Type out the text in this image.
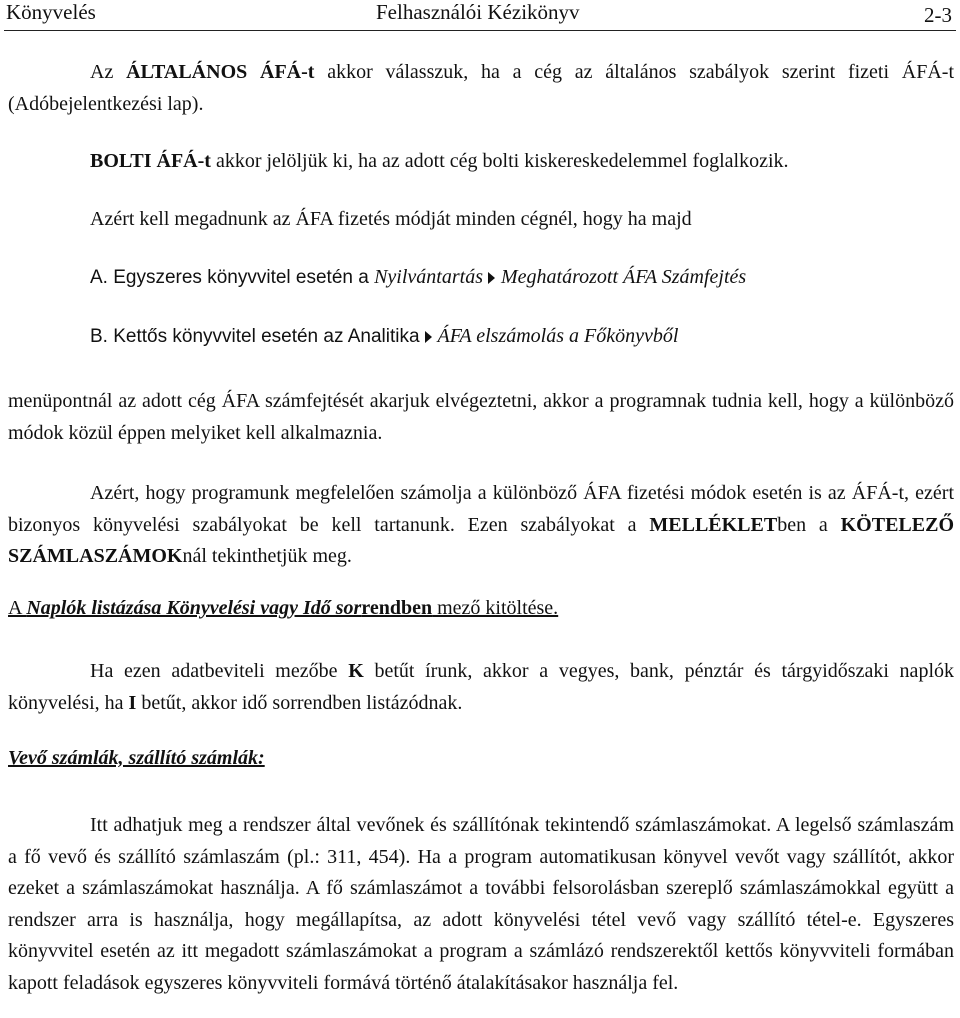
Könyvelés	Felhasználói Kézikönyv	2-3

Az ÁLTALÁNOS ÁFÁ-t akkor válasszuk, ha a cég az általános szabályok szerint fizeti ÁFÁ-t (Adóbejelentkezési lap).

BOLTI ÁFÁ-t akkor jelöljük ki, ha az adott cég bolti kiskereskedelemmel foglalkozik.

Azért kell megadnunk az ÁFA fizetés módját minden cégnél, hogy ha majd

A. Egyszeres könyvvitel esetén a Nyilvántartás Meghatározott ÁFA Számfejtés

B. Kettős könyvvitel esetén az Analitika ÁFA elszámolás a Főkönyvből

menüpontnál az adott cég ÁFA számfejtését akarjuk elvégeztetni, akkor a programnak tudnia kell, hogy a különböző módok közül éppen melyiket kell alkalmaznia.

Azért, hogy programunk megfelelően számolja a különböző ÁFA fizetési módok esetén is az ÁFÁ-t, ezért bizonyos könyvelési szabályokat be kell tartanunk. Ezen szabályokat a MELLÉKLETben a KÖTELEZŐ SZÁMLASZÁMOKnál tekinthetjük meg.

A Naplók listázása Könyvelési vagy Idő sorrendben mező kitöltése.

Ha ezen adatbeviteli mezőbe K betűt írunk, akkor a vegyes, bank, pénztár és tárgyidőszaki naplók könyvelési, ha I betűt, akkor idő sorrendben listázódnak.

Vevő számlák, szállító számlák:

Itt adhatjuk meg a rendszer által vevőnek és szállítónak tekintendő számlaszámokat. A legelső számlaszám a fő vevő és szállító számlaszám (pl.: 311, 454). Ha a program automatikusan könyvel vevőt vagy szállítót, akkor ezeket a számlaszámokat használja. A fő számlaszámot a további felsorolásban szereplő számlaszámokkal együtt a rendszer arra is használja, hogy megállapítsa, az adott könyvelési tétel vevő vagy szállító tétel-e. Egyszeres könyvvitel esetén az itt megadott számlaszámokat a program a számlázó rendszerektől kettős könyvviteli formában kapott feladások egyszeres könyvviteli formává történő átalakításakor használja fel.
